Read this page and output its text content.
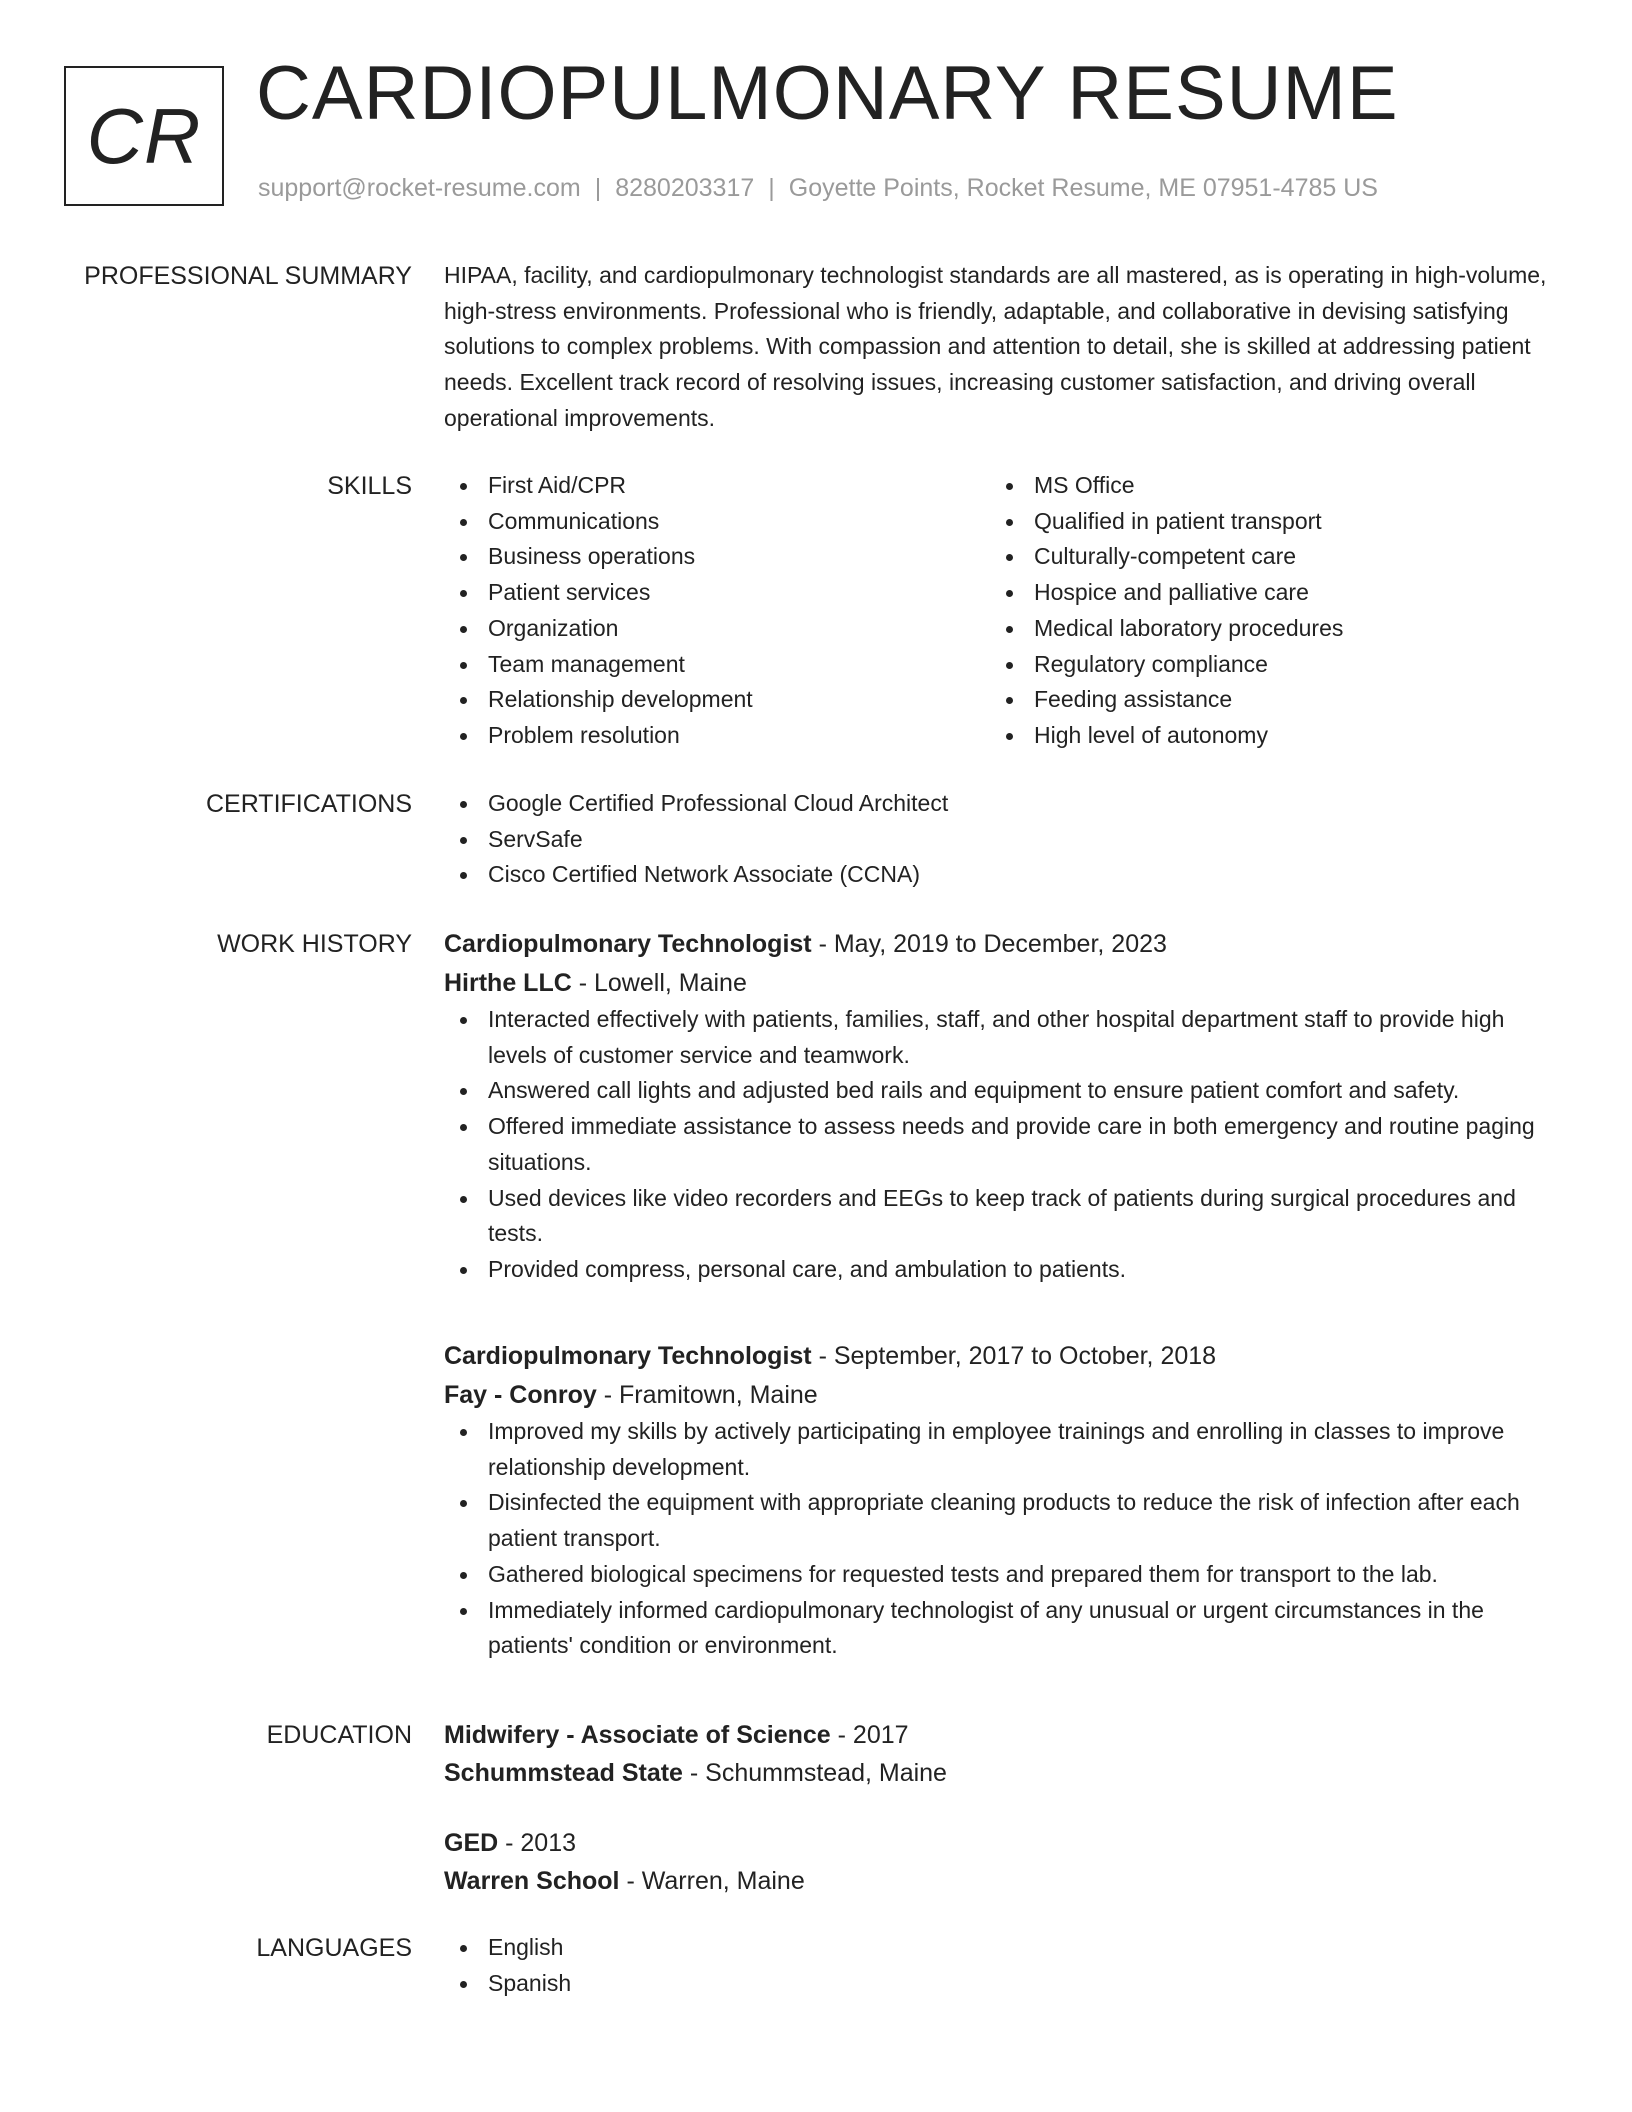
CR CARDIOPULMONARY RESUME
support@rocket-resume.com | 8280203317 | Goyette Points, Rocket Resume, ME 07951-4785 US
PROFESSIONAL SUMMARY HIPAA, facility, and cardiopulmonary technologist standards are all mastered, as is operating in high-volume, high-stress environments. Professional who is friendly, adaptable, and collaborative in devising satisfying solutions to complex problems. With compassion and attention to detail, she is skilled at addressing patient needs. Excellent track record of resolving issues, increasing customer satisfaction, and driving overall operational improvements.

SKILLS	First Aid/CPR
Communications
Business operations
Patient services
Organization
Team management
Relationship development
Problem resolution
MS Office
Qualified in patient transport
Culturally-competent care
Hospice and palliative care
Medical laboratory procedures
Regulatory compliance
Feeding assistance
High level of autonomy
CERTIFICATIONS	Google Certified Professional Cloud Architect
ServSafe
Cisco Certified Network Associate (CCNA)
WORK HISTORY Cardiopulmonary Technologist - May, 2019 to December, 2023
Hirthe LLC - Lowell, Maine
Interacted effectively with patients, families, staff, and other hospital department staff to provide high levels of customer service and teamwork.
Answered call lights and adjusted bed rails and equipment to ensure patient comfort and safety.
Offered immediate assistance to assess needs and provide care in both emergency and routine paging situations.
Used devices like video recorders and EEGs to keep track of patients during surgical procedures and tests.
Provided compress, personal care, and ambulation to patients.
Cardiopulmonary Technologist - September, 2017 to October, 2018
Fay - Conroy - Framitown, Maine
Improved my skills by actively participating in employee trainings and enrolling in classes to improve relationship development.
Disinfected the equipment with appropriate cleaning products to reduce the risk of infection after each patient transport.
Gathered biological specimens for requested tests and prepared them for transport to the lab.
Immediately informed cardiopulmonary technologist of any unusual or urgent circumstances in the patients' condition or environment.
EDUCATION Midwifery - Associate of Science - 2017
Schummstead State - Schummstead, Maine
GED - 2013
Warren School - Warren, Maine
LANGUAGES	English
Spanish
